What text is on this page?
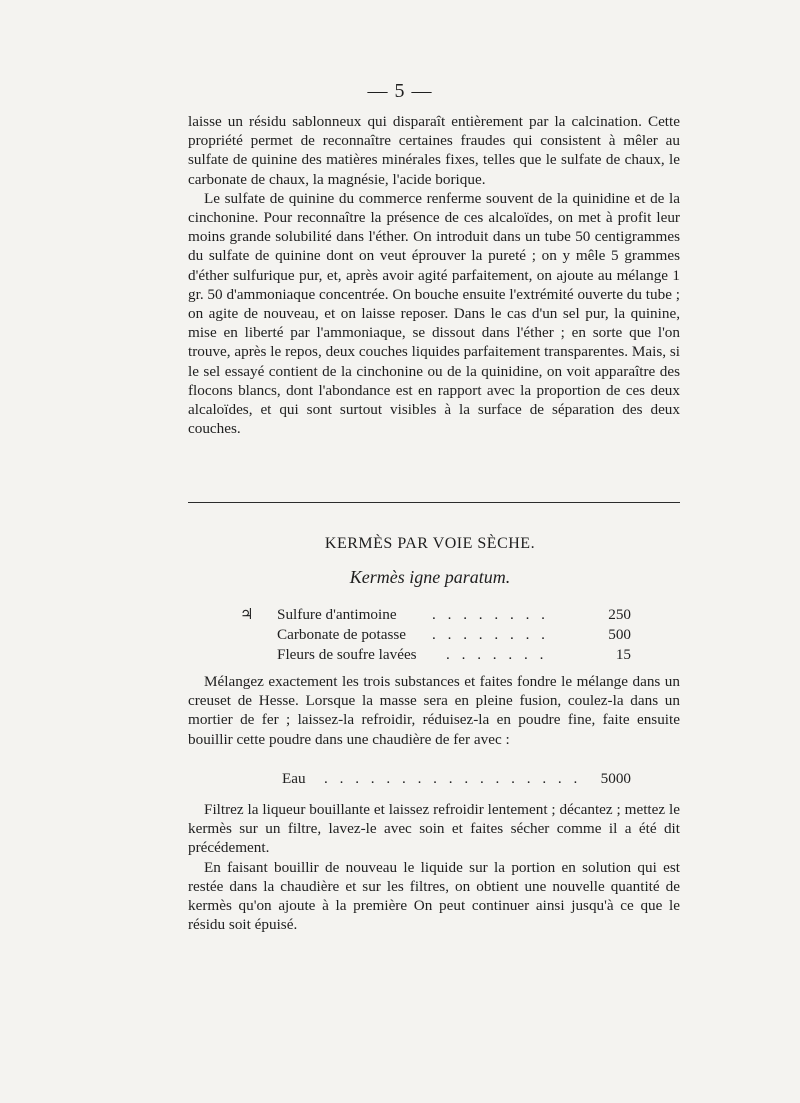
— 5 —

laisse un résidu sablonneux qui disparaît entièrement par la calcination. Cette propriété permet de reconnaître certaines fraudes qui consistent à mêler au sulfate de quinine des matières minérales fixes, telles que le sulfate de chaux, le carbonate de chaux, la magnésie, l'acide borique.

Le sulfate de quinine du commerce renferme souvent de la quinidine et de la cinchonine. Pour reconnaître la présence de ces alcaloïdes, on met à profit leur moins grande solubilité dans l'éther. On introduit dans un tube 50 centigrammes du sulfate de quinine dont on veut éprouver la pureté ; on y mêle 5 grammes d'éther sulfurique pur, et, après avoir agité parfaitement, on ajoute au mélange 1 gr. 50 d'ammoniaque concentrée. On bouche ensuite l'extrémité ouverte du tube ; on agite de nouveau, et on laisse reposer. Dans le cas d'un sel pur, la quinine, mise en liberté par l'ammoniaque, se dissout dans l'éther ; en sorte que l'on trouve, après le repos, deux couches liquides parfaitement transparentes. Mais, si le sel essayé contient de la cinchonine ou de la quinidine, on voit apparaître des flocons blancs, dont l'abondance est en rapport avec la proportion de ces deux alcaloïdes, et qui sont surtout visibles à la surface de séparation des deux couches.

KERMÈS PAR VOIE SÈCHE.
Kermès igne paratum.
♃ Sulfure d'antimoine . . . . . . . .	250
Carbonate de potasse . . . . . . . .	500
Fleurs de soufre lavées . . . . . . .	15

Mélangez exactement les trois substances et faites fondre le mélange dans un creuset de Hesse. Lorsque la masse sera en pleine fusion, coulez-la dans un mortier de fer ; laissez-la refroidir, réduisez-la en poudre fine, faite ensuite bouillir cette poudre dans une chaudière de fer avec :

Eau . . . . . . . . . . . . . . . . . 5000

Filtrez la liqueur bouillante et laissez refroidir lentement ; décantez ; mettez le kermès sur un filtre, lavez-le avec soin et faites sécher comme il a été dit précédement.

En faisant bouillir de nouveau le liquide sur la portion en solution qui est restée dans la chaudière et sur les filtres, on obtient une nouvelle quantité de kermès qu'on ajoute à la première On peut continuer ainsi jusqu'à ce que le résidu soit épuisé.
